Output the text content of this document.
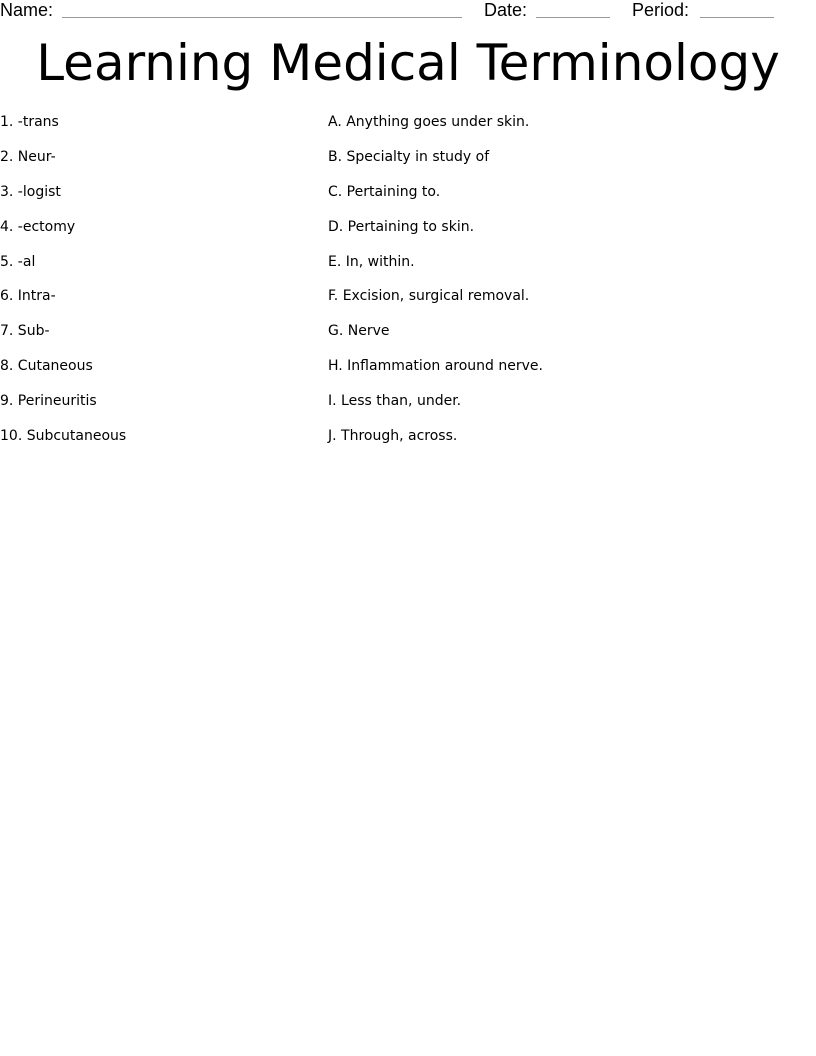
Name:	Date:	Period:
Learning Medical Terminology
1. -trans
2. Neur-
3. -logist
4. -ectomy
5. -al
6. Intra-
7. Sub-
8. Cutaneous
9. Perineuritis
10. Subcutaneous
A. Anything goes under skin.
B. Specialty in study of
C. Pertaining to.
D. Pertaining to skin.
E. In, within.
F. Excision, surgical removal.
G. Nerve
H. Inflammation around nerve.
I. Less than, under.
J. Through, across.
